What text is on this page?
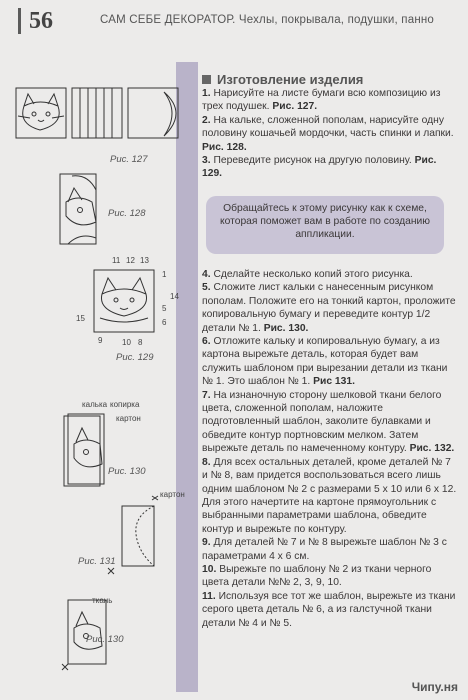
56	САМ СЕБЕ ДЕКОРАТОР. Чехлы, покрывала, подушки, панно
Изготовление изделия
1. Нарисуйте на листе бумаги всю композицию из трех подушек. Рис. 127.
2. На кальке, сложенной пополам, нарисуйте одну половину кошачьей мордочки, часть спинки и лапки. Рис. 128.
3. Переведите рисунок на другую половину. Рис. 129.
Обращайтесь к этому рисунку как к схеме, которая поможет вам в работе по созданию аппликации.
4. Сделайте несколько копий этого рисунка.
5. Сложите лист кальки с нанесенным рисунком пополам. Положите его на тонкий картон, проложите копировальную бумагу и переведите контур 1/2 детали № 1. Рис. 130.
6. Отложите кальку и копировальную бумагу, а из картона вырежьте деталь, которая будет вам служить шаблоном при вырезании детали из ткани № 1. Это шаблон № 1. Рис 131.
7. На изнаночную сторону шелковой ткани белого цвета, сложенной пополам, наложите подготовленный шаблон, заколите булавками и обведите контур портновским мелком. Затем вырежьте деталь по намеченному контуру. Рис. 132.
8. Для всех остальных деталей, кроме деталей № 7 и № 8, вам придется воспользоваться всего лишь одним шаблоном № 2 с размерами 5 х 10 или 6 х 12. Для этого начертите на картоне прямоугольник с выбранными параметрами шаблона, обведите контур и вырежьте по контуру.
9. Для деталей № 7 и № 8 вырежьте шаблон № 3 с параметрами 4 х 6 см.
10. Вырежьте по шаблону № 2 из ткани черного цвета детали №№ 2, 3, 9, 10.
11. Используя все тот же шаблон, вырежьте из ткани серого цвета деталь № 6, а из галстучной ткани детали № 4 и № 5.
Рис. 127
Рис. 128
11 12 13
1
14
5
6
15
9 10 8
Рис. 129
калька копирка
картон
Рис. 130
картон
Рис. 131
ткань
Рис. 130
Чипу.ня
